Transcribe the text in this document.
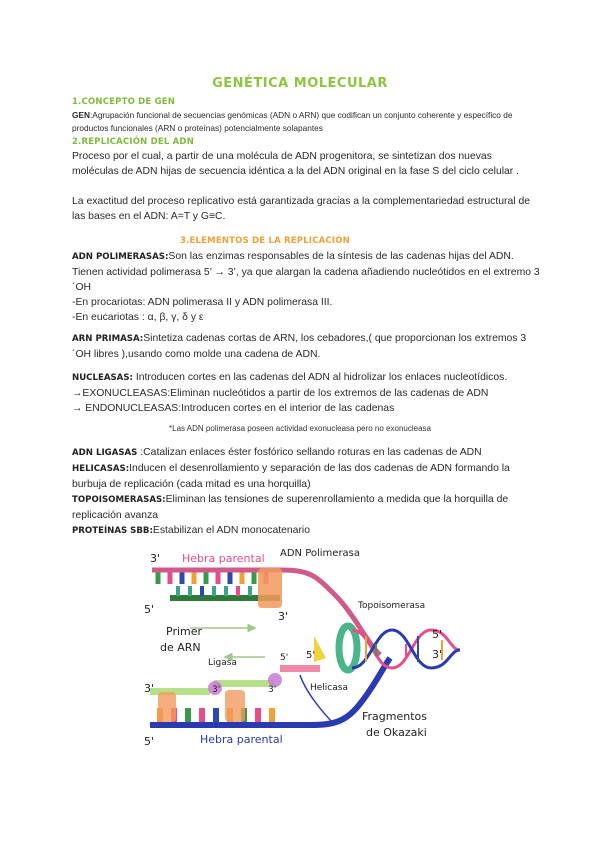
GENÉTICA MOLECULAR
1.CONCEPTO DE GEN
GEN:Agrupación funcional de secuencias genómicas (ADN o ARN) que codifican un conjunto coherente y específico de productos funcionales (ARN o proteínas) potencialmente solapantes
2.REPLICACIÓN DEL ADN
Proceso por el cual, a partir de una molécula de ADN progenitora, se sintetizan dos nuevas moléculas de ADN hijas de secuencia idéntica a la del ADN original en la fase S del ciclo celular .
La exactitud del proceso replicativo está garantizada gracias a la complementariedad estructural de las bases en el ADN: A=T y G≡C.
3.ELEMENTOS DE LA REPLICACIÓN
ADN POLIMERASAS:Son las enzimas responsables de la síntesis de las cadenas hijas del ADN.
Tienen actividad polimerasa 5’ → 3’, ya que alargan la cadena añadiendo nucleótidos en el extremo 3´OH
-En procariotas: ADN polimerasa II y ADN polimerasa III.
-En eucariotas : α, β, γ, δ y ε
ARN PRIMASA:Sintetiza cadenas cortas de ARN, los cebadores,( que proporcionan los extremos 3´OH libres ),usando como molde una cadena de ADN.
NUCLEASAS: Introducen cortes en las cadenas del ADN al hidrolizar los enlaces nucleotídicos.
→EXONUCLEASAS:Eliminan nucleótidos a partir de los extremos de las cadenas de ADN
→ ENDONUCLEASAS:Introducen cortes en el interior de las cadenas
*Las ADN polimerasa poseen actividad exonucleasa pero no exonucleasa
ADN LIGASAS :Catalizan enlaces éster fosfórico sellando roturas en las cadenas de ADN
HELICASAS:Inducen el desenrollamiento y separación de las dos cadenas de ADN formando la burbuja de replicación (cada mitad es una horquilla)
TOPOISOMERASAS:Eliminan las tensiones de superenrollamiento a medida que la horquilla de replicación avanza
PROTEÍNAS SBB:Estabilizan el ADN monocatenario
Hebra parental ADN Polimerasa
Topoisomerasa
Primer
de ARN
Ligasa
Helicasa
Fragmentos
de Okazaki
Hebra parental
3'
5'
3'
5'
3'
5'
3'
3'
5'
3'
5'
